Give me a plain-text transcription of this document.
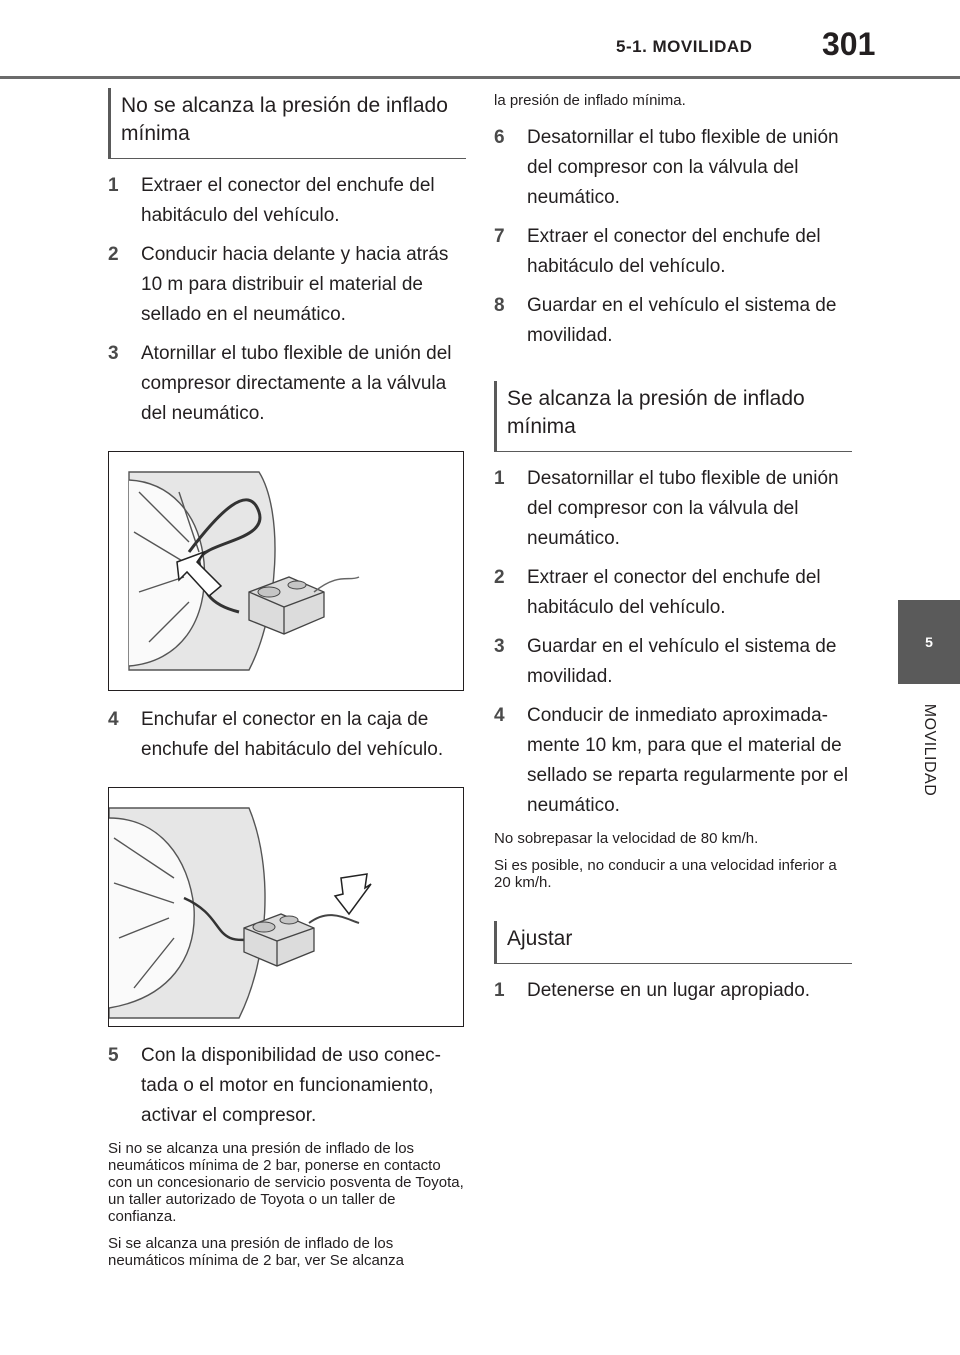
5-1. MOVILIDAD 301
5
MOVILIDAD
No se alcanza la presión de inflado mínima
1 Extraer el conector del enchufe del habitáculo del vehículo.
2 Conducir hacia delante y hacia atrás 10 m para distribuir el material de sellado en el neumático.
3 Atornillar el tubo flexible de unión del compresor directamente a la válvula del neumático.
4 Enchufar el conector en la caja de enchufe del habitáculo del vehículo.
5 Con la disponibilidad de uso conectada o el motor en funcionamiento, activar el compresor.

Si no se alcanza una presión de inflado de los neumáticos mínima de 2 bar, ponerse en contacto con un concesionario de servicio posventa de Toyota, un taller autorizado de Toyota o un taller de confianza.

Si se alcanza una presión de inflado de los neumáticos mínima de 2 bar, ver Se alcanza

la presión de inflado mínima.

6 Desatornillar el tubo flexible de unión del compresor con la válvula del neumático.
7 Extraer el conector del enchufe del habitáculo del vehículo.
8 Guardar en el vehículo el sistema de movilidad.
Se alcanza la presión de inflado mínima
1 Desatornillar el tubo flexible de unión del compresor con la válvula del neumático.
2 Extraer el conector del enchufe del habitáculo del vehículo.
3 Guardar en el vehículo el sistema de movilidad.
4 Conducir de inmediato aproximadamente 10 km, para que el material de sellado se reparta regularmente por el neumático.

No sobrepasar la velocidad de 80 km/h.

Si es posible, no conducir a una velocidad inferior a 20 km/h.

Ajustar
1 Detenerse en un lugar apropiado.
